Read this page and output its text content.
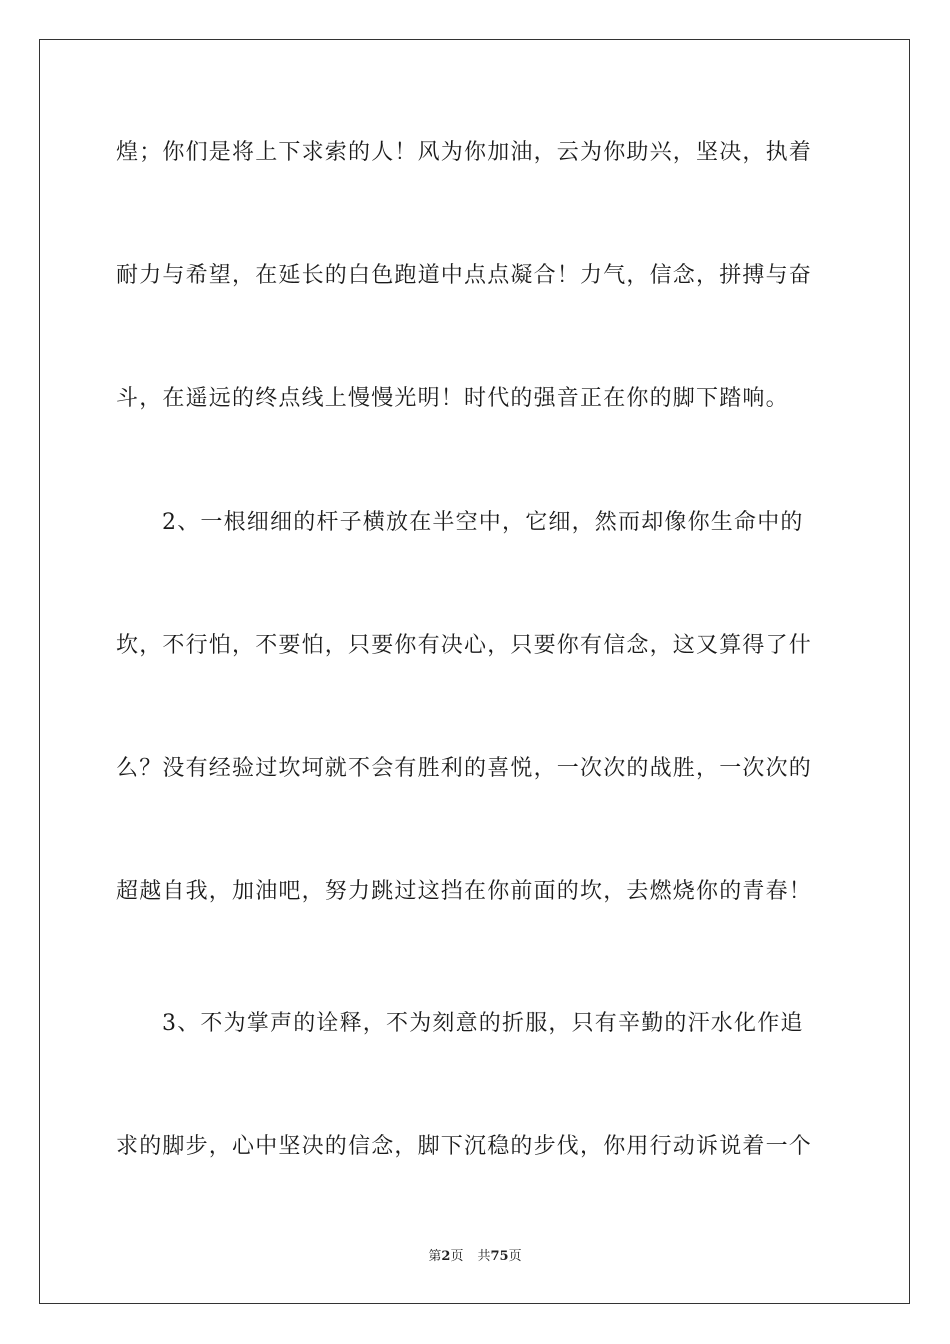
煌；你们是将上下求索的人！风为你加油，云为你助兴，坚决，执着
耐力与希望，在延长的白色跑道中点点凝合！力气，信念，拼搏与奋
斗，在遥远的终点线上慢慢光明！时代的强音正在你的脚下踏响。
2、一根细细的杆子横放在半空中，它细，然而却像你生命中的
坎，不行怕，不要怕，只要你有决心，只要你有信念，这又算得了什
么？没有经验过坎坷就不会有胜利的喜悦，一次次的战胜，一次次的
超越自我，加油吧，努力跳过这挡在你前面的坎，去燃烧你的青春！
3、不为掌声的诠释，不为刻意的折服，只有辛勤的汗水化作追
求的脚步，心中坚决的信念，脚下沉稳的步伐，你用行动诉说着一个
第2页 共75页
